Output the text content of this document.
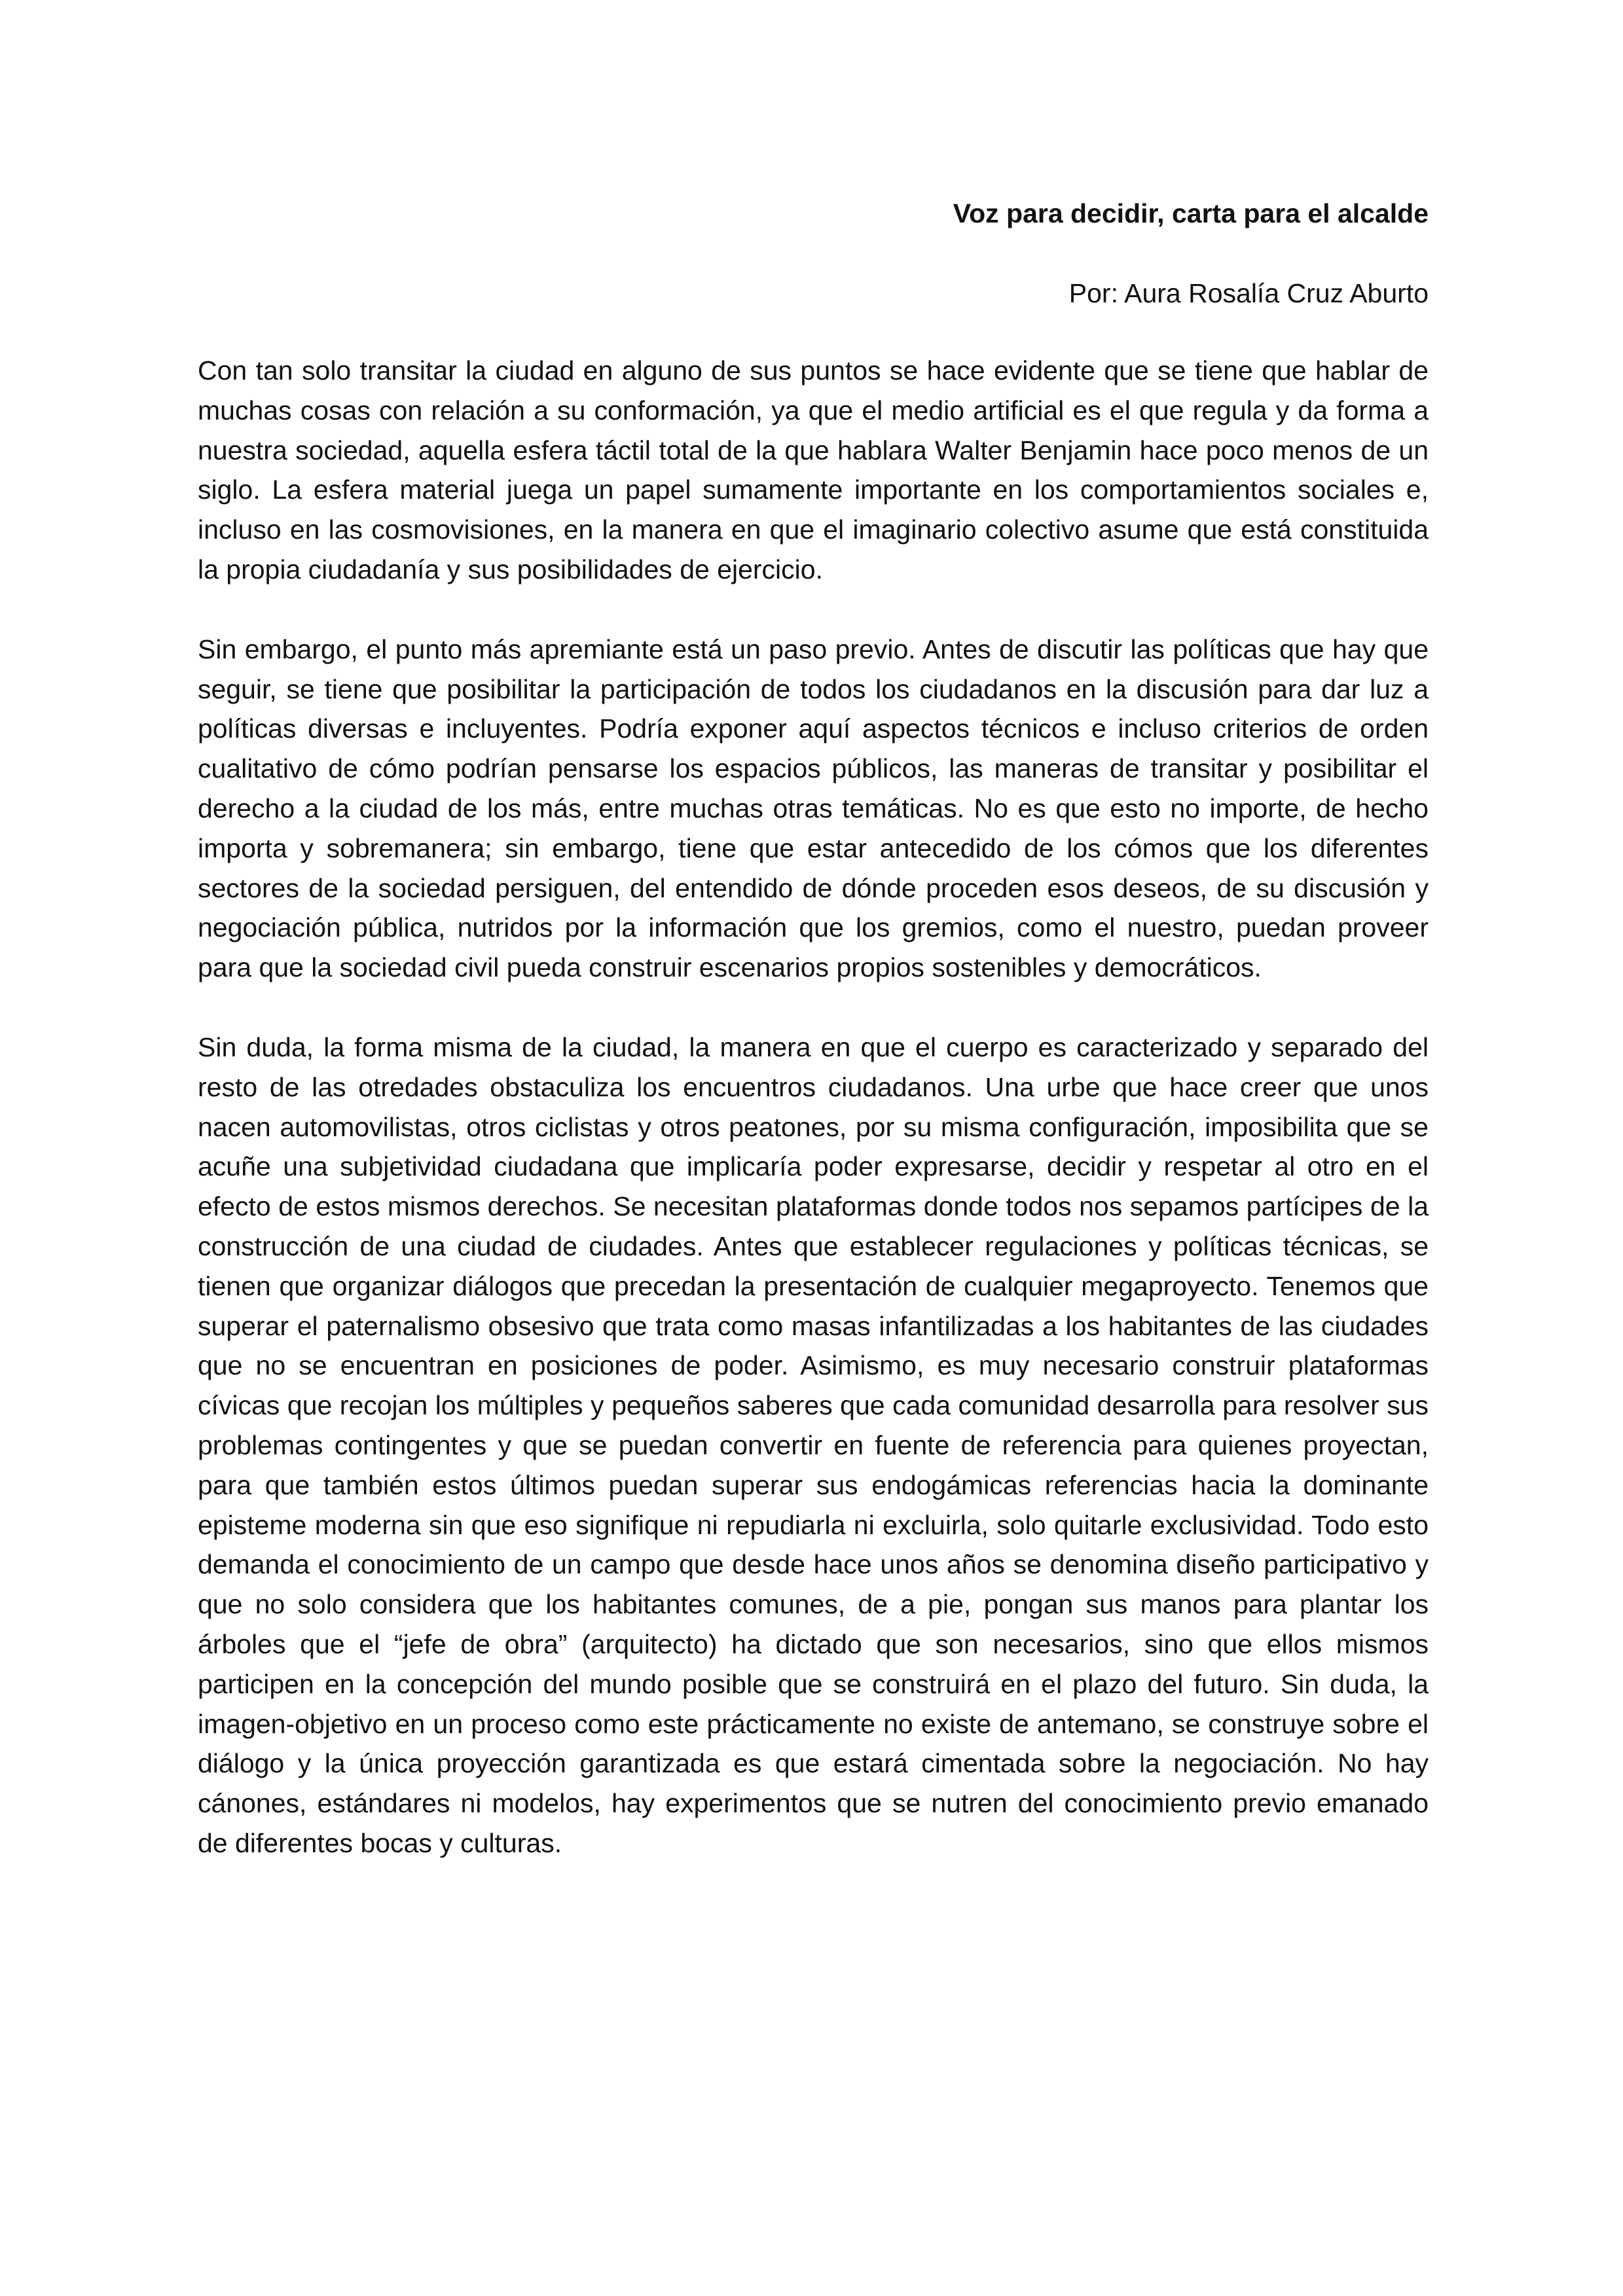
Voz para decidir, carta para el alcalde

Por: Aura Rosalía Cruz Aburto

Con tan solo transitar la ciudad en alguno de sus puntos se hace evidente que se tiene que hablar de muchas cosas con relación a su conformación, ya que el medio artificial es el que regula y da forma a nuestra sociedad, aquella esfera táctil total de la que hablara Walter Benjamin hace poco menos de un siglo. La esfera material juega un papel sumamente importante en los comportamientos sociales e, incluso en las cosmovisiones, en la manera en que el imaginario colectivo asume que está constituida la propia ciudadanía y sus posibilidades de ejercicio.

Sin embargo, el punto más apremiante está un paso previo. Antes de discutir las políticas que hay que seguir, se tiene que posibilitar la participación de todos los ciudadanos en la discusión para dar luz a políticas diversas e incluyentes. Podría exponer aquí aspectos técnicos e incluso criterios de orden cualitativo de cómo podrían pensarse los espacios públicos, las maneras de transitar y posibilitar el derecho a la ciudad de los más, entre muchas otras temáticas. No es que esto no importe, de hecho importa y sobremanera; sin embargo, tiene que estar antecedido de los cómos que los diferentes sectores de la sociedad persiguen, del entendido de dónde proceden esos deseos, de su discusión y negociación pública, nutridos por la información que los gremios, como el nuestro, puedan proveer para que la sociedad civil pueda construir escenarios propios sostenibles y democráticos.

Sin duda, la forma misma de la ciudad, la manera en que el cuerpo es caracterizado y separado del resto de las otredades obstaculiza los encuentros ciudadanos. Una urbe que hace creer que unos nacen automovilistas, otros ciclistas y otros peatones, por su misma configuración, imposibilita que se acuñe una subjetividad ciudadana que implicaría poder expresarse, decidir y respetar al otro en el efecto de estos mismos derechos. Se necesitan plataformas donde todos nos sepamos partícipes de la construcción de una ciudad de ciudades. Antes que establecer regulaciones y políticas técnicas, se tienen que organizar diálogos que precedan la presentación de cualquier megaproyecto. Tenemos que superar el paternalismo obsesivo que trata como masas infantilizadas a los habitantes de las ciudades que no se encuentran en posiciones de poder. Asimismo, es muy necesario construir plataformas cívicas que recojan los múltiples y pequeños saberes que cada comunidad desarrolla para resolver sus problemas contingentes y que se puedan convertir en fuente de referencia para quienes proyectan, para que también estos últimos puedan superar sus endogámicas referencias hacia la dominante episteme moderna sin que eso signifique ni repudiarla ni excluirla, solo quitarle exclusividad. Todo esto demanda el conocimiento de un campo que desde hace unos años se denomina diseño participativo y que no solo considera que los habitantes comunes, de a pie, pongan sus manos para plantar los árboles que el “jefe de obra” (arquitecto) ha dictado que son necesarios, sino que ellos mismos participen en la concepción del mundo posible que se construirá en el plazo del futuro. Sin duda, la imagen-objetivo en un proceso como este prácticamente no existe de antemano, se construye sobre el diálogo y la única proyección garantizada es que estará cimentada sobre la negociación. No hay cánones, estándares ni modelos, hay experimentos que se nutren del conocimiento previo emanado de diferentes bocas y culturas.
